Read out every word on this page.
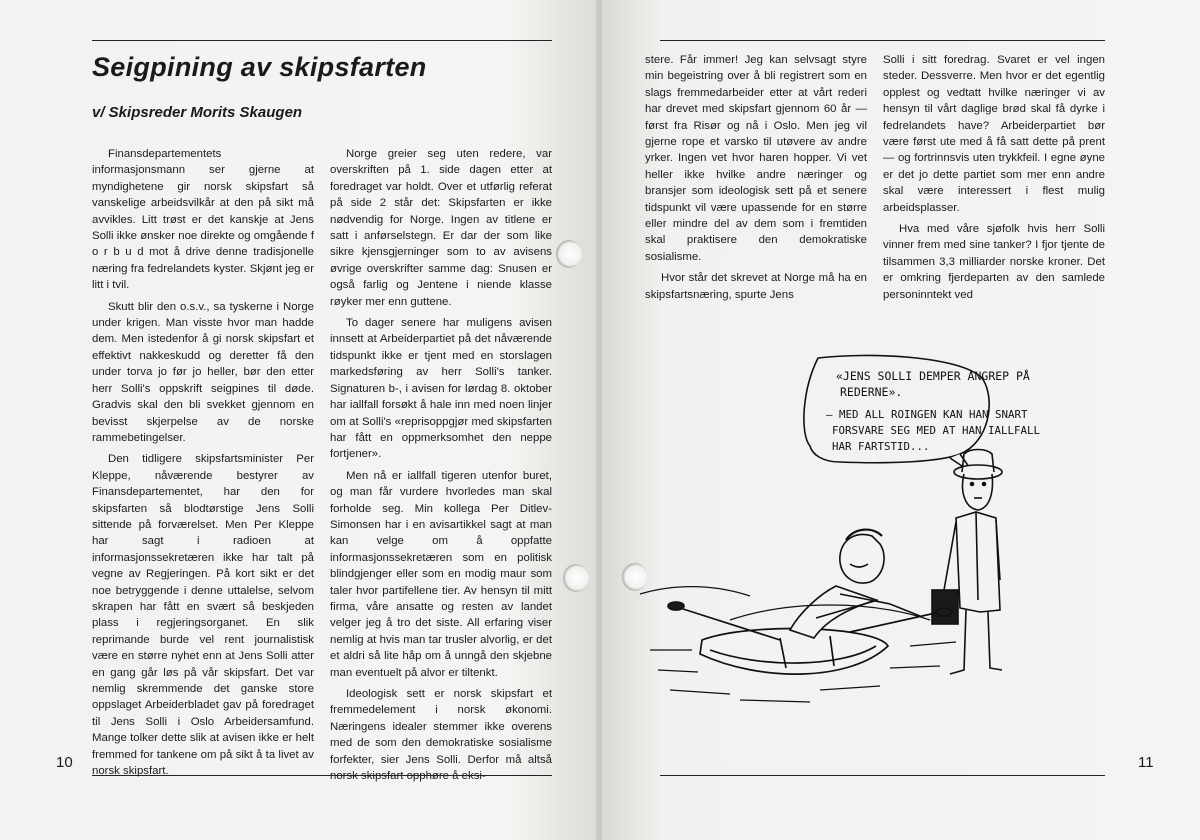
Seigpining av skipsfarten
v/ Skipsreder Morits Skaugen

Finansdepartementets informasjonsmann ser gjerne at myndighetene gir norsk skipsfart så vanskelige arbeidsvilkår at den på sikt må avvikles. Litt trøst er det kanskje at Jens Solli ikke ønsker noe direkte og omgående f o r b u d mot å drive denne tradisjonelle næring fra fedrelandets kyster. Skjønt jeg er litt i tvil.

Skutt blir den o.s.v., sa tyskerne i Norge under krigen. Man visste hvor man hadde dem. Men istedenfor å gi norsk skipsfart et effektivt nakkeskudd og deretter få den under torva jo før jo heller, bør den etter herr Solli's oppskrift seigpines til døde. Gradvis skal den bli svekket gjennom en bevisst skjerpelse av de norske rammebetingelser.

Den tidligere skipsfartsminister Per Kleppe, nåværende bestyrer av Finansdepartementet, har den for skipsfarten så blodtørstige Jens Solli sittende på forværelset. Men Per Kleppe har sagt i radioen at informasjonssekretæren ikke har talt på vegne av Regjeringen. På kort sikt er det noe betryggende i denne uttalelse, selvom skrapen har fått en svært så beskjeden plass i regjeringsorganet. En slik reprimande burde vel rent journalistisk være en større nyhet enn at Jens Solli atter en gang går løs på vår skipsfart. Det var nemlig skremmende det ganske store oppslaget Arbeiderbladet gav på foredraget til Jens Solli i Oslo Arbeidersamfund. Mange tolker dette slik at avisen ikke er helt fremmed for tankene om på sikt å ta livet av norsk skipsfart.

Norge greier seg uten redere, var overskriften på 1. side dagen etter at foredraget var holdt. Over et utførlig referat på side 2 står det: Skipsfarten er ikke nødvendig for Norge. Ingen av titlene er satt i anførselstegn. Er dar der som like sikre kjensgjerninger som to av avisens øvrige overskrifter samme dag: Snusen er også farlig og Jentene i niende klasse røyker mer enn guttene.

To dager senere har muligens avisen innsett at Arbeiderpartiet på det nåværende tidspunkt ikke er tjent med en storslagen markedsføring av herr Solli's tanker. Signaturen b-, i avisen for lørdag 8. oktober har iallfall forsøkt å hale inn med noen linjer om at Solli's «reprisoppgjør med skipsfarten har fått en oppmerksomhet den neppe fortjener».

Men nå er iallfall tigeren utenfor buret, og man får vurdere hvorledes man skal forholde seg. Min kollega Per Ditlev-Simonsen har i en avisartikkel sagt at man kan velge om å oppfatte informasjonssekretæren som en politisk blindgjenger eller som en modig maur som taler hvor partifellene tier. Av hensyn til mitt firma, våre ansatte og resten av landet velger jeg å tro det siste. All erfaring viser nemlig at hvis man tar trusler alvorlig, er det et aldri så lite håp om å unngå den skjebne man eventuelt på alvor er tiltenkt.

Ideologisk sett er norsk skipsfart et fremmedelement i norsk økonomi. Næringens idealer stemmer ikke overens med de som den demokratiske sosialisme forfekter, sier Jens Solli. Derfor må altså norsk skipsfart opphøre å eksi-

10

stere. Får immer! Jeg kan selvsagt styre min begeistring over å bli registrert som en slags fremmedarbeider etter at vårt rederi har drevet med skipsfart gjennom 60 år — først fra Risør og nå i Oslo. Men jeg vil gjerne rope et varsko til utøvere av andre yrker. Ingen vet hvor haren hopper. Vi vet heller ikke hvilke andre næringer og bransjer som ideologisk sett på et senere tidspunkt vil være upassende for en større eller mindre del av dem som i fremtiden skal praktisere den demokratiske sosialisme.

Hvor står det skrevet at Norge må ha en skipsfartsnæring, spurte Jens

Solli i sitt foredrag. Svaret er vel ingen steder. Dessverre. Men hvor er det egentlig opplest og vedtatt hvilke næringer vi av hensyn til vårt daglige brød skal få dyrke i fedrelandets have? Arbeiderpartiet bør være først ute med å få satt dette på prent — og fortrinnsvis uten trykkfeil. I egne øyne er det jo dette partiet som mer enn andre skal være interessert i flest mulig arbeidsplasser.

Hva med våre sjøfolk hvis herr Solli vinner frem med sine tanker? I fjor tjente de tilsammen 3,3 milliarder norske kroner. Det er omkring fjerdeparten av den samlede personinntekt ved

«JENS SOLLI DEMPER ANGREP PÅ
REDERNE».
— MED ALL ROINGEN KAN HAN SNART
FORSVARE SEG MED AT HAN IALLFALL
HAR FARTSTID...
11
